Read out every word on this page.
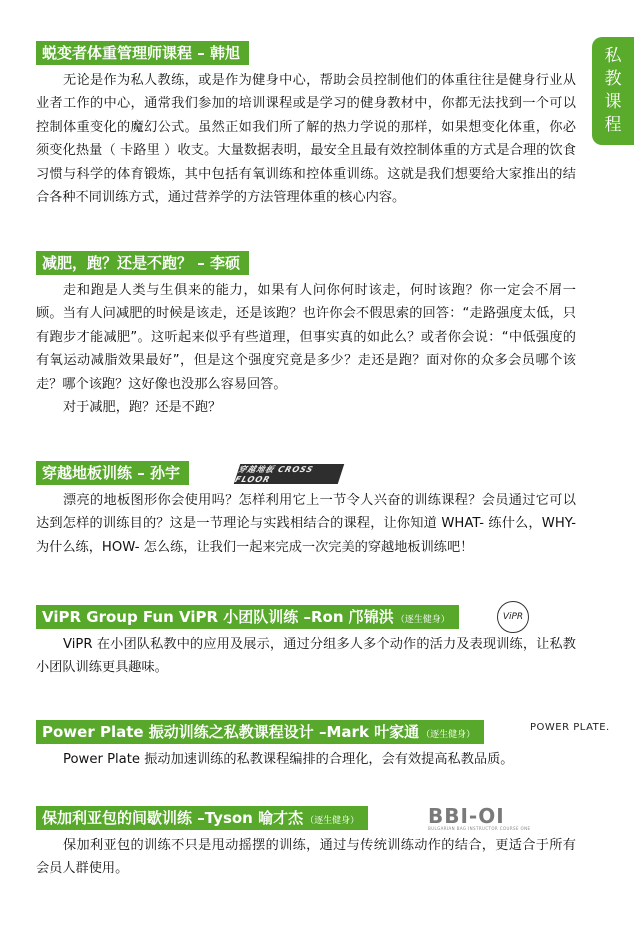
私
教
课
程
蜕变者体重管理师课程 – 韩旭
无论是作为私人教练，或是作为健身中心，帮助会员控制他们的体重往往是健身行业从业者工作的中心，通常我们参加的培训课程或是学习的健身教材中，你都无法找到一个可以控制体重变化的魔幻公式。虽然正如我们所了解的热力学说的那样，如果想变化体重，你必须变化热量（ 卡路里 ）收支。大量数据表明，最安全且最有效控制体重的方式是合理的饮食习惯与科学的体育锻炼，其中包括有氧训练和控体重训练。这就是我们想要给大家推出的结合各种不同训练方式，通过营养学的方法管理体重的核心内容。
减肥，跑？还是不跑？ – 李硕
走和跑是人类与生俱来的能力，如果有人问你何时该走，何时该跑？你一定会不屑一顾。当有人问减肥的时候是该走，还是该跑？也许你会不假思索的回答：“走路强度太低，只有跑步才能减肥”。这听起来似乎有些道理，但事实真的如此么？或者你会说：“中低强度的有氧运动减脂效果最好”，但是这个强度究竟是多少？走还是跑？面对你的众多会员哪个该走？哪个该跑？这好像也没那么容易回答。
对于减肥，跑？还是不跑？
穿越地板训练 – 孙宇
漂亮的地板图形你会使用吗？怎样利用它上一节令人兴奋的训练课程？会员通过它可以达到怎样的训练目的？这是一节理论与实践相结合的课程，让你知道 WHAT- 练什么，WHY- 为什么练，HOW- 怎么练，让我们一起来完成一次完美的穿越地板训练吧！
穿越地板 CROSS FLOOR
ViPR Group Fun ViPR 小团队训练 –Ron 邝锦洪 （逐生健身）
ViPR 在小团队私教中的应用及展示，通过分组多人多个动作的活力及表现训练，让私教小团队训练更具趣味。
ViPR
Power Plate 振动训练之私教课程设计 –Mark 叶家通 （逐生健身）
Power Plate 振动加速训练的私教课程编排的合理化，会有效提高私教品质。
POWER PLATE.
保加利亚包的间歇训练 –Tyson 喻才杰 （逐生健身）
保加利亚包的训练不只是甩动摇摆的训练，通过与传统训练动作的结合，更适合于所有会员人群使用。
BBI-OI
BULGARIAN BAG INSTRUCTOR COURSE ONE
